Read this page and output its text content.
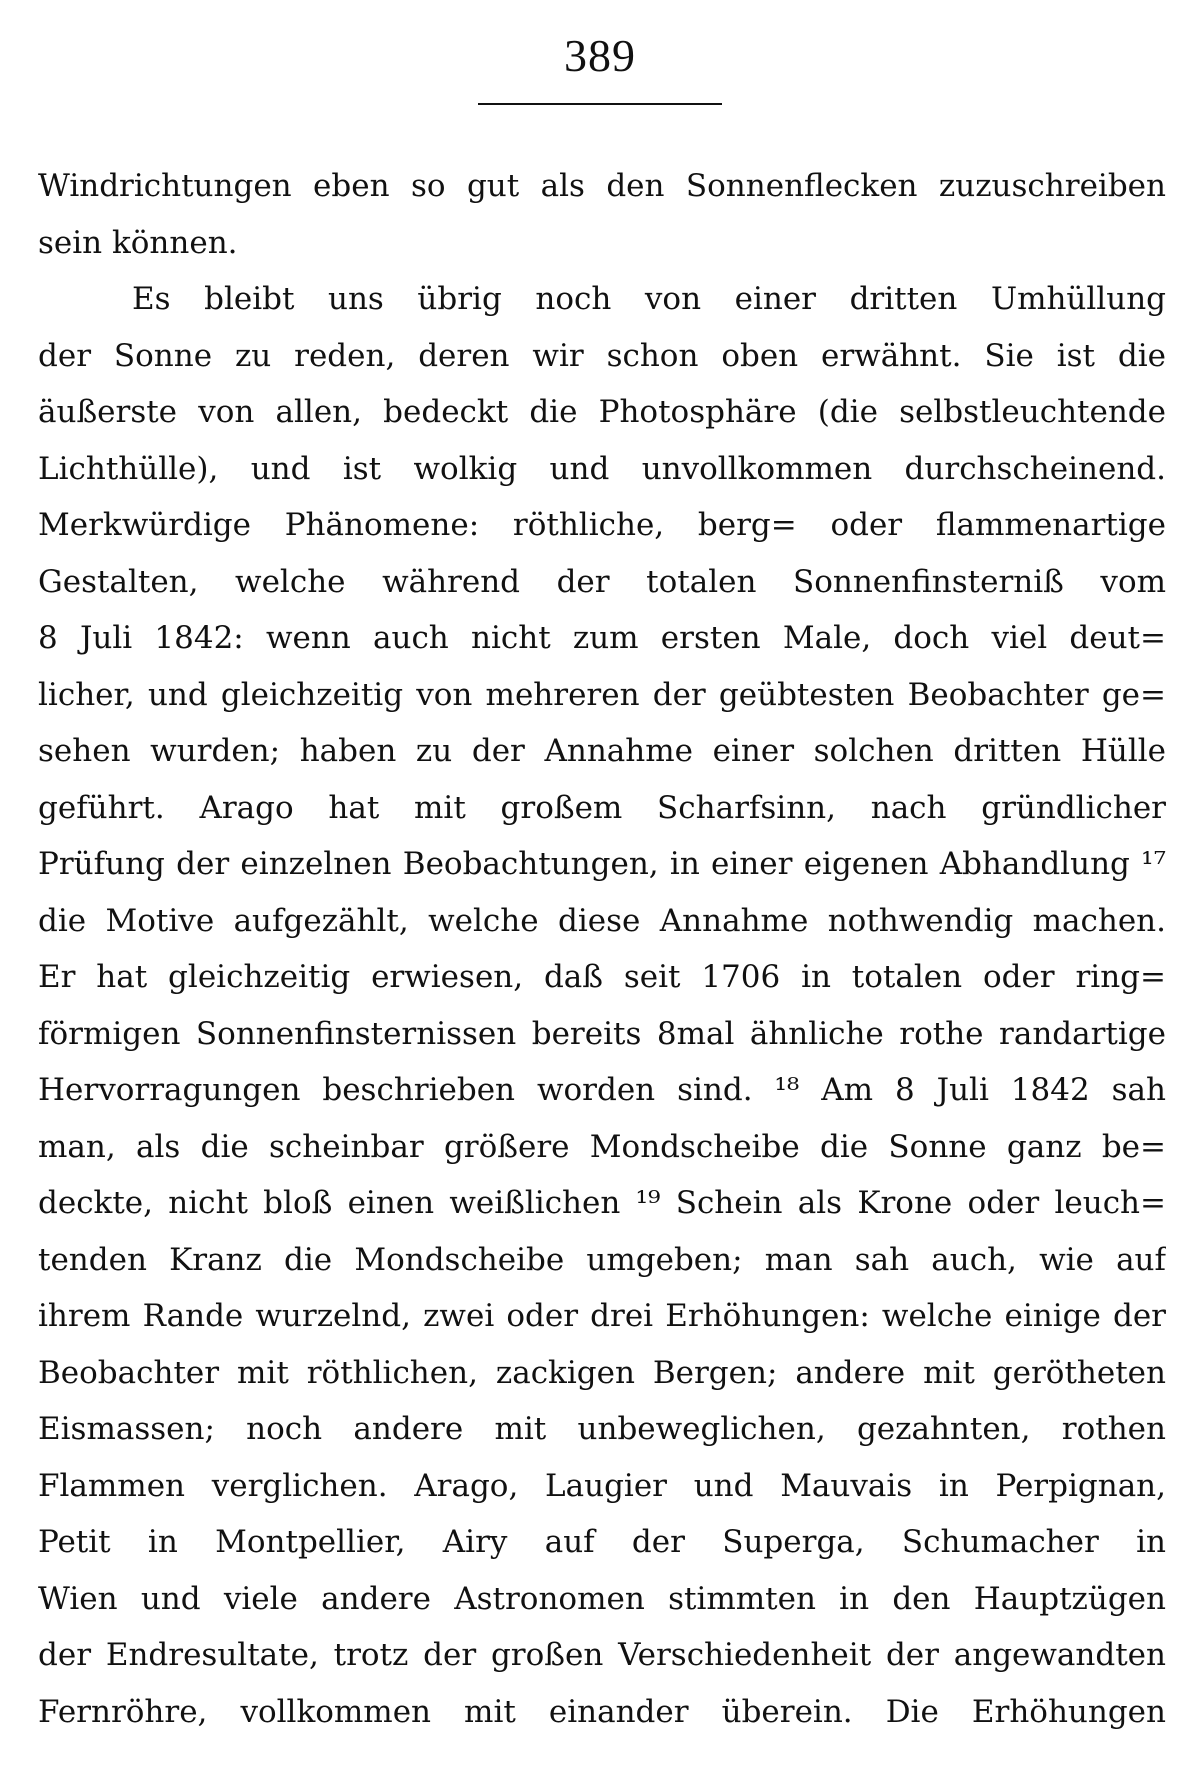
389
Windrichtungen eben so gut als den Sonnenflecken zuzuschreiben
sein können.
Es bleibt uns übrig noch von einer dritten Umhüllung
der Sonne zu reden, deren wir schon oben erwähnt. Sie ist die
äußerste von allen, bedeckt die Photosphäre (die selbstleuchtende
Lichthülle), und ist wolkig und unvollkommen durchscheinend.
Merkwürdige Phänomene: röthliche, berg= oder flammenartige
Gestalten, welche während der totalen Sonnenfinsterniß vom
8 Juli 1842: wenn auch nicht zum ersten Male, doch viel deut=
licher, und gleichzeitig von mehreren der geübtesten Beobachter ge=
sehen wurden; haben zu der Annahme einer solchen dritten Hülle
geführt. Arago hat mit großem Scharfsinn, nach gründlicher
Prüfung der einzelnen Beobachtungen, in einer eigenen Abhandlung ¹⁷
die Motive aufgezählt, welche diese Annahme nothwendig machen.
Er hat gleichzeitig erwiesen, daß seit 1706 in totalen oder ring=
förmigen Sonnenfinsternissen bereits 8mal ähnliche rothe randartige
Hervorragungen beschrieben worden sind. ¹⁸ Am 8 Juli 1842 sah
man, als die scheinbar größere Mondscheibe die Sonne ganz be=
deckte, nicht bloß einen weißlichen ¹⁹ Schein als Krone oder leuch=
tenden Kranz die Mondscheibe umgeben; man sah auch, wie auf
ihrem Rande wurzelnd, zwei oder drei Erhöhungen: welche einige der
Beobachter mit röthlichen, zackigen Bergen; andere mit gerötheten
Eismassen; noch andere mit unbeweglichen, gezahnten, rothen
Flammen verglichen. Arago, Laugier und Mauvais in Perpignan,
Petit in Montpellier, Airy auf der Superga, Schumacher in
Wien und viele andere Astronomen stimmten in den Hauptzügen
der Endresultate, trotz der großen Verschiedenheit der angewandten
Fernröhre, vollkommen mit einander überein. Die Erhöhungen
